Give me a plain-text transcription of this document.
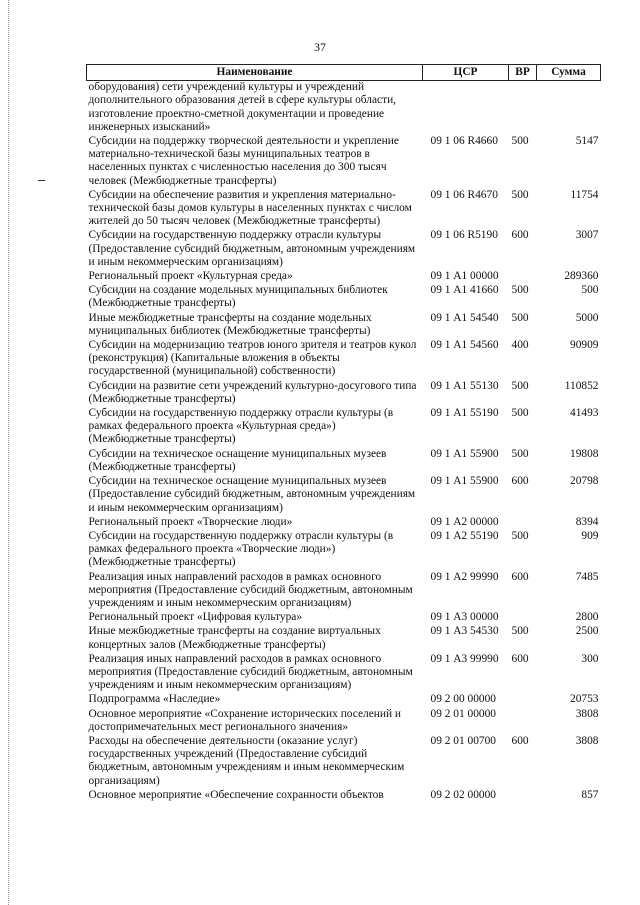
37
Наименование	ЦСР	ВР	Сумма
оборудования) сети учреждений культуры и учреждений дополнительного образования детей в сфере культуры области, изготовление проектно-сметной документации и проведение инженерных изысканий»			
Субсидии на поддержку творческой деятельности и укрепление материально-технической базы муниципальных театров в населенных пунктах с численностью населения до 300 тысяч человек (Межбюджетные трансферты)	09 1 06 R4660	500	5147
Субсидии на обеспечение развития и укрепления материально-технической базы домов культуры в населенных пунктах с числом жителей до 50 тысяч человек (Межбюджетные трансферты)	09 1 06 R4670	500	11754
Субсидии на государственную поддержку отрасли культуры (Предоставление субсидий бюджетным, автономным учреждениям и иным некоммерческим организациям)	09 1 06 R5190	600	3007
Региональный проект «Культурная среда»	09 1 А1 00000		289360
Субсидии на создание модельных муниципальных библиотек (Межбюджетные трансферты)	09 1 А1 41660	500	500
Иные межбюджетные трансферты на создание модельных муниципальных библиотек (Межбюджетные трансферты)	09 1 А1 54540	500	5000
Субсидии на модернизацию театров юного зрителя и театров кукол (реконструкция) (Капитальные вложения в объекты государственной (муниципальной) собственности)	09 1 А1 54560	400	90909
Субсидии на развитие сети учреждений культурно-досугового типа (Межбюджетные трансферты)	09 1 А1 55130	500	110852
Субсидии на государственную поддержку отрасли культуры (в рамках федерального проекта «Культурная среда») (Межбюджетные трансферты)	09 1 А1 55190	500	41493
Субсидии на техническое оснащение муниципальных музеев (Межбюджетные трансферты)	09 1 А1 55900	500	19808
Субсидии на техническое оснащение муниципальных музеев (Предоставление субсидий бюджетным, автономным учреждениям и иным некоммерческим организациям)	09 1 А1 55900	600	20798
Региональный проект «Творческие люди»	09 1 А2 00000		8394
Субсидии на государственную поддержку отрасли культуры (в рамках федерального проекта «Творческие люди») (Межбюджетные трансферты)	09 1 А2 55190	500	909
Реализация иных направлений расходов в рамках основного мероприятия (Предоставление субсидий бюджетным, автономным учреждениям и иным некоммерческим организациям)	09 1 А2 99990	600	7485
Региональный проект «Цифровая культура»	09 1 А3 00000		2800
Иные межбюджетные трансферты на создание виртуальных концертных залов (Межбюджетные трансферты)	09 1 А3 54530	500	2500
Реализация иных направлений расходов в рамках основного мероприятия (Предоставление субсидий бюджетным, автономным учреждениям и иным некоммерческим организациям)	09 1 А3 99990	600	300
Подпрограмма «Наследие»	09 2 00 00000		20753
Основное мероприятие «Сохранение исторических поселений и достопримечательных мест регионального значения»	09 2 01 00000		3808
Расходы на обеспечение деятельности (оказание услуг) государственных учреждений (Предоставление субсидий бюджетным, автономным учреждениям и иным некоммерческим организациям)	09 2 01 00700	600	3808
Основное мероприятие «Обеспечение сохранности объектов	09 2 02 00000		857
